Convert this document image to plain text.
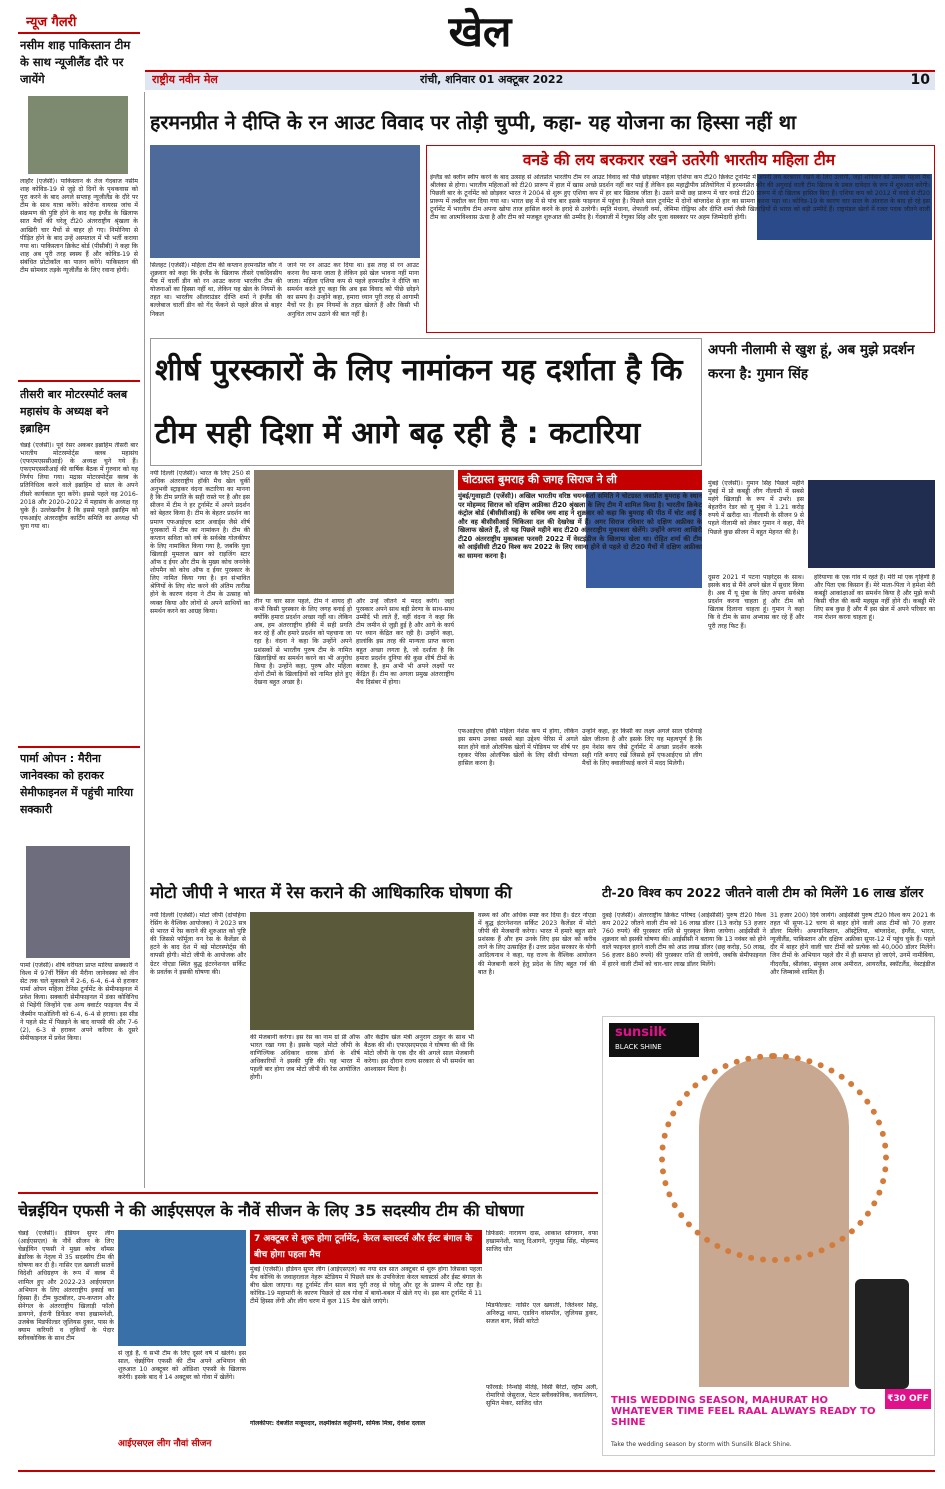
खेल
राष्ट्रीय नवीन मेल	रांची, शनिवार 01 अक्टूबर 2022	10
न्यूज गैलरी
नसीम शाह पाकिस्तान टीम के साथ न्यूजीलैंड दौरे पर जायेंगे
लाहौर (एजेंसी)। पाकिस्तान के तेज गेंदबाज नसीम शाह कोविड-19 से जुड़े दो दिनों के पृथकवास को पूरा करने के बाद अगले सप्ताह न्यूजीलैंड के दौरे पर टीम के साथ यात्रा करेंगे। कोरोना वायरस जांच में संक्रमण की पुष्टि होने के बाद यह इंग्लैंड के खिलाफ सात मैचों की घरेलू टी20 अंतरराष्ट्रीय श्रृंखला के आखिरी चार मैचों से बाहर हो गए। निमोनिया से पीड़ित होने के बाद उन्हें अस्पताल में भी भर्ती कराया गया था। पाकिस्तान क्रिकेट बोर्ड (पीसीबी) ने कहा कि शाह अब पूरी तरह स्वस्थ हैं और कोविड-19 से संबंधित प्रोटोकॉल का पालन करेंगे। पाकिस्तान की टीम सोमवार तड़के न्यूजीलैंड के लिए रवाना होगी।
तीसरी बार मोटरस्पोर्ट क्लब महासंघ के अध्यक्ष बने इब्राहिम
चेन्नई (एजेंसी)। पूर्व रेसर अकबर इब्राहिम तीसरी बार भारतीय मोटरस्पोर्ट्स क्लब महासंघ (एफएमएससीआई) के अध्यक्ष चुने गये हैं। एफएमएससीआई की वार्षिक बैठक में गुरुवार को यह निर्णय लिया गया। मद्रास मोटरस्पोर्ट्स क्लब के प्रतिनिधित्व करने वाले इब्राहिम दो साल के अपने तीसरे कार्यकाल पूरा करेंगे। इससे पहले वह 2016-2018 और 2020-2022 में महासंघ के अध्यक्ष रह चुके हैं। उल्लेखनीय है कि इससे पहले इब्राहिम को एफआईए अंतरराष्ट्रीय कार्टिंग समिति का अध्यक्ष भी चुना गया था।
पार्मा ओपन : मैरीना जानेवस्का को हराकर सेमीफाइनल में पहुंची मारिया सक्कारी
पार्मा (एजेंसी)। शीर्ष वरीयता प्राप्त मारिया सक्कारी ने विश्व में 97वीं रैंकिंग की मैरीना जानेवस्का को तीन सेट तक चले मुकाबले में 2-6, 6-4, 6-4 से हराकर पार्मा ओपन महिला टेनिस टूर्नामेंट के सेमीफाइनल में प्रवेश किया। सक्कारी सेमीफाइनल में डंका कोविनिच से भिड़ेंगी जिन्होंने एक अन्य क्वार्टर फाइनल मैच में जैस्मीन पाओलिनी को 6-4, 6-4 से हराया। इस सीड ने पहले सेट में पिछड़ने के बाद वापसी की और 7-6 (2), 6-3 से हराकर अपने करियर के दूसरे सेमीफाइनल में प्रवेश किया।
हरमनप्रीत ने दीप्ति के रन आउट विवाद पर तोड़ी चुप्पी, कहा- यह योजना का हिस्सा नहीं था
सिलहट (एजेंसी)। महिला टीम की कप्तान हरमनप्रीत कौर ने शुक्रवार को कहा कि इंग्लैंड के खिलाफ तीसरे एकदिवसीय मैच में चार्ली डीन को रन आउट करना भारतीय टीम की योजनाओं का हिस्सा नहीं था, लेकिन यह खेल के नियमों के तहत था। भारतीय ऑलराउंडर दीप्ति शर्मा ने इंग्लैंड की बल्लेबाज चार्ली डीन को गेंद फेंकने से पहले क्रीज से बाहर निकल
जाने पर रन आउट कर दिया था। इस तरह से रन आउट करना वैध माना जाता है लेकिन इसे खेल भावना नहीं माना जाता। महिला एशिया कप से पहले हरमनप्रीत ने दीप्ति का समर्थन करते हुए कहा कि अब इस विवाद को पीछे छोड़ने का समय है। उन्होंने कहा, हमारा ध्यान पूरी तरह से आगामी मैचों पर है। हम नियमों के तहत खेलते हैं और किसी भी अनुचित लाभ उठाने की बात नहीं है।
वनडे की लय बरकरार रखने उतरेगी भारतीय महिला टीम
इंग्लैंड को क्लीन स्वीप करने के बाद उत्साह से ओतप्रोत भारतीय टीम रन आउट विवाद को पीछे छोड़कर महिला एशिया कप टी20 क्रिकेट टूर्नामेंट में अपनी लय बरकरार रखने के लिए उतरेगी, जहां शनिवार को उसका पहला मैच श्रीलंका से होगा। भारतीय महिलाओं को टी20 प्रारूप में हाल में खास अच्छे प्रदर्शन नहीं कर पाई हैं लेकिन इस महाद्वीपीय प्रतियोगिता में हरमनप्रीत कौर की अगुवाई वाली टीम खिताब के प्रबल दावेदार के रूप में शुरुआत करेगी। पिछली बार के टूर्नामेंट को छोड़कर भारत ने 2004 से शुरू हुए एशिया कप में हर बार खिताब जीता है। उसने सभी छह प्रारूप में चार वनडे टी20 प्रारूप में दो खिताब हासिल किए हैं। एशिया कप को 2012 में वनडे से टी20 प्रारूप में तब्दील कर दिया गया था। भारत छह में से पांच बार इसके फाइनल में पहुंचा है। पिछले साल टूर्नामेंट में दोनों बांग्लादेश से हार का सामना करना पड़ा था। कोविड-19 के कारण चार साल के अंतराल के बाद हो रहे इस टूर्नामेंट में भारतीय टीम अपना खोया ताज हासिल करने के इरादे से उतरेगी। स्मृति मंधाना, शेफाली वर्मा, जेमिमा रोड्रिग्स और दीप्ति शर्मा जैसी खिलाड़ियों से भारत को बड़ी उम्मीदें हैं। राष्ट्रमंडल खेलों में रजत पदक जीतने वाली टीम का आत्मविश्वास ऊंचा है और टीम को मजबूत शुरुआत की उम्मीद है। गेंदबाजी में रेणुका सिंह और पूजा वस्त्रकार पर अहम जिम्मेदारी होगी।
शीर्ष पुरस्कारों के लिए नामांकन यह दर्शाता है कि टीम सही दिशा में आगे बढ़ रही है : कटारिया
नयी दिल्ली (एजेंसी)। भारत के लिए 250 से अधिक अंतरराष्ट्रीय हॉकी मैच खेल चुकीं अनुभवी स्ट्राइकर वंदना कटारिया का मानना है कि टीम प्रगति के सही रास्ते पर है और इस सीजन में टीम ने हर टूर्नामेंट में अपने प्रदर्शन को बेहतर किया है। टीम के बेहतर प्रदर्शन का प्रमाण एफआईएच स्टार अवार्ड्स जैसे शीर्ष पुरस्कारों में टीम का नामांकन है। टीम की कप्तान सविता को वर्ष के सर्वश्रेष्ठ गोलकीपर के लिए नामांकित किया गया है, जबकि युवा खिलाड़ी मुमताज खान को राइजिंग स्टार ऑफ द ईयर और टीम के मुख्य कोच जननेके शोपमैन को कोच ऑफ द ईयर पुरस्कार के लिए नामित किया गया है। इन संभावित श्रेणियों के लिए वोट करने की अंतिम तारीख होने के कारण वंदना ने टीम के उत्साह को व्यक्त किया और लोगों से अपने साथियों का समर्थन करने का आग्रह किया।
तीन या चार साल पहले, टीम ने शायद ही कभी किसी पुरस्कार के लिए जगह बनाई हो क्योंकि हमारा प्रदर्शन अच्छा नहीं था। लेकिन अब, हम अंतरराष्ट्रीय हॉकी में सही प्रगति कर रहे हैं और हमारे प्रदर्शन को पहचाना जा रहा है। वंदना ने कहा कि उन्होंने अपने प्रशंसकों से भारतीय पुरुष टीम के नामित खिलाड़ियों का समर्थन करने का भी अनुरोध किया है। उन्होंने कहा, पुरुष और महिला दोनों टीमों के खिलाड़ियों को नामित होते हुए देखना बहुत अच्छा है।
और उन्हें जीतने में मदद करेंगे। जहां पुरस्कार अपने साथ बड़ी प्रेरणा के साथ-साथ उम्मीदें भी लाते हैं, वहीं वंदना ने कहा कि टीम जमीन से जुड़ी हुई है और आगे के कार्य पर ध्यान केंद्रित कर रही है। उन्होंने कहा, हालांकि इस तरह की मान्यता प्राप्त करना बहुत अच्छा लगता है, जो दर्शाता है कि हमारा प्रदर्शन दुनिया की कुछ शीर्ष टीमों के बराबर है, हम अभी भी अपने लक्ष्यों पर केंद्रित हैं। टीम का अगला प्रमुख अंतरराष्ट्रीय मैच दिसंबर में होगा।
चोटग्रस्त बुमराह की जगह सिराज ने ली
मुंबई/गुवाहाटी (एजेंसी)। अखिल भारतीय वरिष्ठ चयनकर्ता समिति ने चोटग्रस्त जसप्रीत बुमराह के स्थान पर मोहम्मद सिराज को दक्षिण अफ्रीका टी20 श्रृंखला के लिए टीम में शामिल किया है। भारतीय क्रिकेट कंट्रोल बोर्ड (बीसीसीआई) के सचिव जय शाह ने शुक्रवार को कहा कि बुमराह की पीठ में चोट आई है और वह बीसीसीआई चिकित्सा दल की देखरेख में हैं। अगर सिराज रविवार को दक्षिण अफ्रीका के खिलाफ खेलते हैं, तो यह पिछले महीने बाद टी20 अंतरराष्ट्रीय मुकाबला खेलेंगे। उन्होंने अपना आखिरी टी20 अंतरराष्ट्रीय मुकाबला फरवरी 2022 में वेस्टइंडीज के खिलाफ खेला था। रोहित शर्मा की टीम को आईसीसी टी20 विश्व कप 2022 के लिए रवाना होने से पहले दो टी20 मैचों में दक्षिण अफ्रीका का सामना करना है।
एफआईएच हॉकी महिला नेशंस कप में होगा, लेकिन इस समय उनका सबसे बड़ा उद्देश्य पेरिस में अगले साल होने वाले ओलंपिक खेलों में पोडियम पर शीर्ष पर रहकर पेरिस ओलंपिक खेलों के लिए सीधी योग्यता हासिल करना है।
उन्होंने कहा, हर किसी का लक्ष्य अगले साल एशियाई खेल जीतना है और इसके लिए यह महत्वपूर्ण है कि हम नेशंस कप जैसे टूर्नामेंट में अच्छा प्रदर्शन करके सही गति बनाए रखें जिससे हमें एफआईएच प्रो लीग मैचों के लिए क्वालीफाई करने में मदद मिलेगी।
अपनी नीलामी से खुश हूं, अब मुझे प्रदर्शन करना है: गुमान सिंह
मुंबई (एजेंसी)। गुमान सिंह पिछले महीने मुंबई में प्रो कबड्डी लीग नीलामी में सबसे महंगे खिलाड़ी के रूप में उभरे। इस बेहतरीन रेडर को यू मुंबा ने 1.21 करोड़ रुपये में खरीदा था। नीलामी के सीजन 9 से पहले नीलामी को लेकर गुमान ने कहा, मैंने पिछले कुछ सीजन में बहुत मेहनत की है।
दूसरा 2021 में पटना पाइरेट्स के साथ। इसके बाद से मैंने अपने खेल में सुधार किया है। अब मैं यू मुंबा के लिए अपना सर्वश्रेष्ठ प्रदर्शन करना चाहता हूं और टीम को खिताब दिलाना चाहता हूं। गुमान ने कहा कि वे टीम के साथ अभ्यास कर रहे हैं और पूरी तरह फिट हैं।
हरियाणा के एक गांव में रहते हैं। मेरी मां एक गृहिणी हैं और पिता एक किसान हैं। मेरे माता-पिता ने हमेशा मेरी कबड्डी आकांक्षाओं का समर्थन किया है और मुझे कभी किसी चीज की कमी महसूस नहीं होने दी। कबड्डी मेरे लिए सब कुछ है और मैं इस खेल में अपने परिवार का नाम रोशन करना चाहता हूं।
मोटो जीपी ने भारत में रेस कराने की आधिकारिक घोषणा की
नयी दिल्ली (एजेंसी)। मोटो जीपी (दोपहिया रेसिंग के वैश्विक आयोजक) ने 2023 सत्र से भारत में रेस कराने की शुरुआत को पुष्टि की जिससे फॉर्मूला वन रेस के कैलेंडर से हटने के बाद देश में बड़े मोटरस्पोर्ट्स की वापसी होगी। मोटो जीपी के आयोजक और ग्रेटर नोएडा स्थित बुद्ध इंटरनेशनल सर्किट के प्रवर्तक ने इसकी घोषणा की।
की मेजबानी करेगा। इस रेस का नाम ग्रां प्री ऑफ भारत रखा गया है। इसके पहले मोटो जीपी के वाणिज्यिक अधिकार धारक डोर्ना के शीर्ष अधिकारियों ने इसकी पुष्टि की। यह भारत में पहली बार होगा जब मोटो जीपी की रेस आयोजित होगी।
और केंद्रीय खेल मंत्री अनुराग ठाकुर के साथ भी बैठक की थी। एफएसएमएस ने घोषणा की थी कि मोटो जीपी के एक दौर की अगले साल मेजबानी करेगा। इस दौरान राज्य सरकार से भी समर्थन का आश्वासन मिला है।
वस्थ्य को और अधिक स्पष्ट कर दिया है। ग्रेटर नोएडा में बुद्ध इंटरनेशनल सर्किट 2023 कैलेंडर में मोटो जीपी की मेजबानी करेगा। भारत में हमारे बहुत सारे प्रशंसक हैं और हम उनके लिए इस खेल को करीब लाने के लिए उत्साहित हैं। उत्तर प्रदेश सरकार के योगी आदित्यनाथ ने कहा, यह राज्य के वैश्विक आयोजन की मेजबानी करने हेतु प्रदेश के लिए बहुत गर्व की बात है।
टी-20 विश्व कप 2022 जीतने वाली टीम को मिलेंगे 16 लाख डॉलर
दुबई (एजेंसी)। अंतरराष्ट्रीय क्रिकेट परिषद (आईसीसी) पुरुष टी20 विश्व कप 2022 जीतने वाली टीम को 16 लाख डॉलर (13 करोड़ 53 हजार 760 रुपये) की पुरस्कार राशि से पुरस्कृत किया जायेगा। आईसीसी ने शुक्रवार को इसकी घोषणा की। आईसीसी ने बताया कि 13 नवंबर को होने वाले फाइनल हारने वाली टीम को आठ लाख डॉलर (छह करोड़, 50 लाख, 56 हजार 880 रुपये) की पुरस्कार राशि दी जायेगी, जबकि सेमीफाइनल में हारने वाली टीमों को चार-चार लाख डॉलर मिलेंगे।
31 हजार 200) दिये जायेंगे। आईसीसी पुरुष टी20 विश्व कप 2021 के तहत भी सुपर-12 चरण से बाहर होने वाली आठ टीमों को 70 हजार डॉलर मिलेंगे। अफगानिस्तान, ऑस्ट्रेलिया, बांग्लादेश, इंग्लैंड, भारत, न्यूजीलैंड, पाकिस्तान और दक्षिण अफ्रीका सुपर-12 में पहुंच चुके हैं। पहले दौर में बाहर होने वाली चार टीमों को प्रत्येक को 40,000 डॉलर मिलेंगे। जिन टीमों के अभियान पहले दौर में ही समाप्त हो जाएंगे, उनमें नामीबिया, नीदरलैंड, श्रीलंका, संयुक्त अरब अमीरात, आयरलैंड, स्कॉटलैंड, वेस्टइंडीज और जिम्बाब्वे शामिल हैं।
sunsilk
BLACK SHINE
₹30 OFF
THIS WEDDING SEASON, MAHURAT HO WHATEVER TIME FEEL RAAL ALWAYS READY TO SHINE
Take the wedding season by storm with Sunsilk Black Shine.
चेन्नईयिन एफसी ने की आईएसएल के नौवें सीजन के लिए 35 सदस्यीय टीम की घोषणा
चेन्नई (एजेंसी)। इंडियन सुपर लीग (आईएसएल) के नौवें सीजन के लिए चेन्नईयिन एफसी ने मुख्य कोच थॉमस ब्रेडरिक के नेतृत्व में 35 सदस्यीय टीम की घोषणा कर दी है। नासिर एल खयाती सातवें विदेशी अधिग्रहण के रूप में क्लब में शामिल हुए और 2022-23 आईएसएल अभियान के लिए अंतरराष्ट्रीय इकाई का हिस्सा हैं। टीम फुटबॉलर, उप-कप्तान और सेनेगल के अंतरराष्ट्रीय खिलाड़ी फॉलो डायगने, ईरानी डिफेंडर वफा हखामनेशी, उजबेक मिडफील्डर जुलियस दुकर, पास के क्याम करियरी व लुकियाँ के पेदार स्लीवकोविक के साथ टीम
से जुड़े हैं, ये सभी टीम के लिए दूसरे वर्ष में खेलेंगे। इस साल, चेन्नईयिन एफसी की टीम अपने अभियान की शुरुआत 10 अक्टूबर को ओडिशा एफसी के खिलाफ करेगी। इसके बाद वे 14 अक्टूबर को गोवा में खेलेंगे।
आईएसएल लीग नौवां सीजन
7 अक्टूबर से शुरू होगा टूर्नामेंट, केरल ब्लास्टर्स और ईस्ट बंगाल के बीच होगा पहला मैच
मुंबई (एजेंसी)। इंडियन सुपर लीग (आईएसएल) का नया सत्र सात अक्टूबर से शुरू होगा जिसका पहला मैच कोच्चि के जवाहरलाल नेहरू स्टेडियम में पिछले सत्र के उपविजेता केरल ब्लास्टर्स और ईस्ट बंगाल के बीच खेला जाएगा। यह टूर्नामेंट तीन साल बाद पूरी तरह से घरेलू और दूर के प्रारूप में लौट रहा है। कोविड-19 महामारी के कारण पिछले दो सत्र गोवा में बायो-बबल में खेले गए थे। इस बार टूर्नामेंट में 11 टीमें हिस्सा लेंगी और लीग चरण में कुल 115 मैच खेले जाएंगे।
गोलकीपर: देबजीत मजूमदार, लक्ष्मीकांत कट्टीमनी, समिक मित्रा, देवांश दलाल
डिफेंडर्स: नारायण दास, आकाश सांगवान, वफा हखामनेशी, फालू दिआगने, गुरमुख सिंह, मोहम्मद साजिद धोत
मिडफील्डर: नासिर एल खयाती, जितेश्वर सिंह, अनिरुद्ध थापा, एडविन वांसपॉल, जुलियस डुकर, सजल बाग, विंसी बारेटो
फॉरवर्ड: निन्थोई मीतेई, विंसी बैरेटो, रहीम अली, रोमारियो जेसुराज, पेटार स्लीवकोविक, कवालियन, सुमित मेकर, साजिद धोत
